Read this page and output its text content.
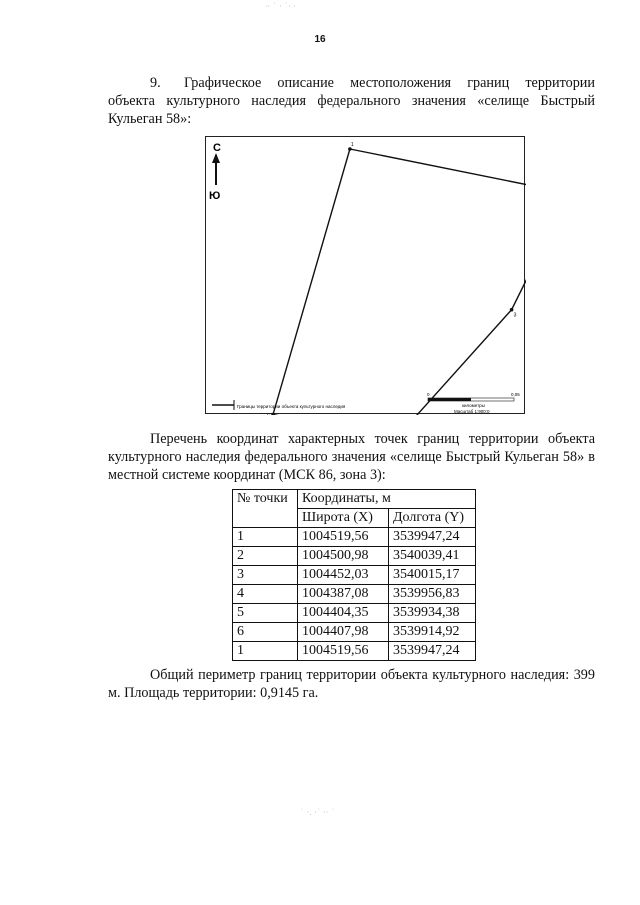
16
9. Графическое описание местоположения границ территории объекта культурного наследия федерального значения «селище Быстрый Кульеган 58»:
С
Ю
1
3
Границы территории объекта культурного наследия
0	0,05
километры
Масштаб 1:900:0
Перечень координат характерных точек границ территории объекта культурного наследия федерального значения «селище Быстрый Кульеган 58» в местной системе координат (МСК 86, зона 3):
№ точки	Координаты, м	
	Широта (X)	Долгота (Y)
1	1004519,56	3539947,24
2	1004500,98	3540039,41
3	1004452,03	3540015,17
4	1004387,08	3539956,83
5	1004404,35	3539934,38
6	1004407,98	3539914,92
1	1004519,56	3539947,24
Общий периметр границ территории объекта культурного наследия: 399 м. Площадь территории: 0,9145 га.
·· ˙ · ˙· ·
˙ ·. ·˙ ·· ˙
